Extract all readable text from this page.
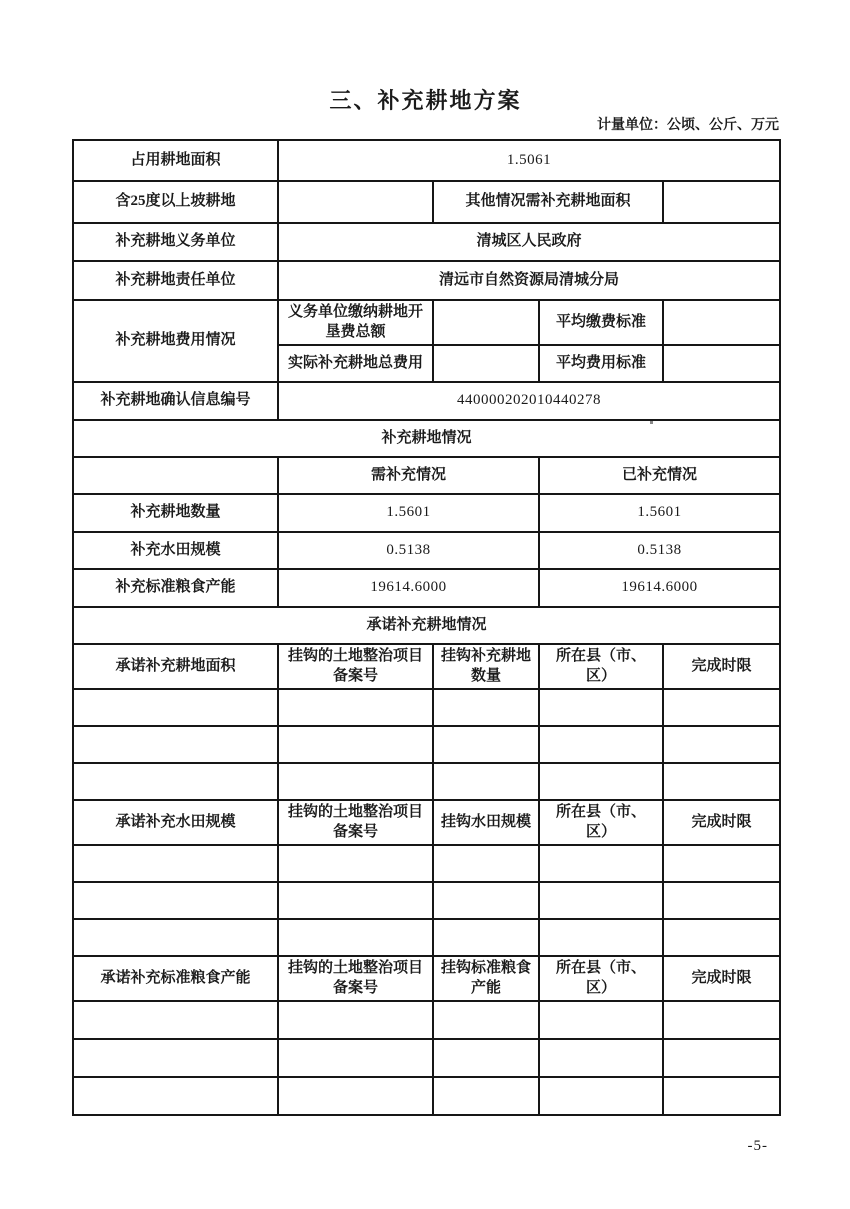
三、补充耕地方案
计量单位：公顷、公斤、万元
占用耕地面积	1.5061			
含25度以上坡耕地		其他情况需补充耕地面积		
补充耕地义务单位	清城区人民政府			
补充耕地责任单位	清远市自然资源局清城分局			
补充耕地费用情况	义务单位缴纳耕地开垦费总额		平均缴费标准	
	实际补充耕地总费用		平均费用标准	
补充耕地确认信息编号	440000202010440278			
补充耕地情况				
	需补充情况		已补充情况	
补充耕地数量	1.5601		1.5601	
补充水田规模	0.5138		0.5138	
补充标准粮食产能	19614.6000		19614.6000	
承诺补充耕地情况				
承诺补充耕地面积	挂钩的土地整治项目备案号	挂钩补充耕地数量	所在县（市、区）	完成时限

承诺补充水田规模	挂钩的土地整治项目备案号	挂钩水田规模	所在县（市、区）	完成时限

承诺补充标准粮食产能	挂钩的土地整治项目备案号	挂钩标准粮食产能	所在县（市、区）	完成时限

-5-
